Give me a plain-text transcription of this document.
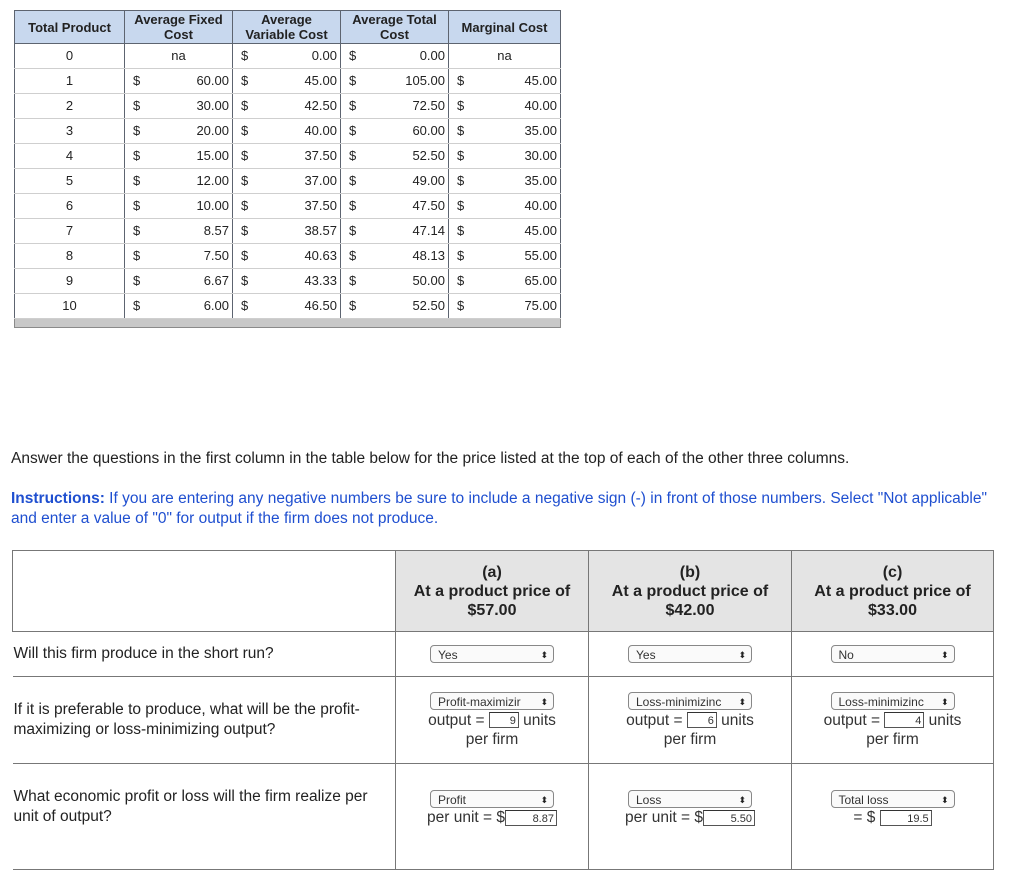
Total Product	Average Fixed Cost		Average Variable Cost		Average Total Cost		Marginal Cost	
0	na		$	0.00	$	0.00	na	
1	$	60.00	$	45.00	$	105.00	$	45.00
2	$	30.00	$	42.50	$	72.50	$	40.00
3	$	20.00	$	40.00	$	60.00	$	35.00
4	$	15.00	$	37.50	$	52.50	$	30.00
5	$	12.00	$	37.00	$	49.00	$	35.00
6	$	10.00	$	37.50	$	47.50	$	40.00
7	$	8.57	$	38.57	$	47.14	$	45.00
8	$	7.50	$	40.63	$	48.13	$	55.00
9	$	6.67	$	43.33	$	50.00	$	65.00
10	$	6.00	$	46.50	$	52.50	$	75.00

Answer the questions in the first column in the table below for the price listed at the top of each of the other three columns.

Instructions: If you are entering any negative numbers be sure to include a negative sign (-) in front of those numbers. Select "Not applicable" and enter a value of "0" for output if the firm does not produce.

	(a)
At a product price of
$57.00	(b)
At a product price of
$42.00	(c)
At a product price of
$33.00

Will this firm produce in the short run?	Yes ⬍	Yes ⬍	No ⬍

If it is preferable to produce, what will be the profit-maximizing or loss-minimizing output?	Profit-maximizir ⬍
output = 9 units
per firm	Loss-minimizinc ⬍
output = 6 units
per firm	Loss-minimizinc ⬍
output = 4 units
per firm

What economic profit or loss will the firm realize per unit of output?	Profit ⬍
per unit = $ 8.87	Loss ⬍
per unit = $ 5.50	Total loss ⬍
= $ 19.5
